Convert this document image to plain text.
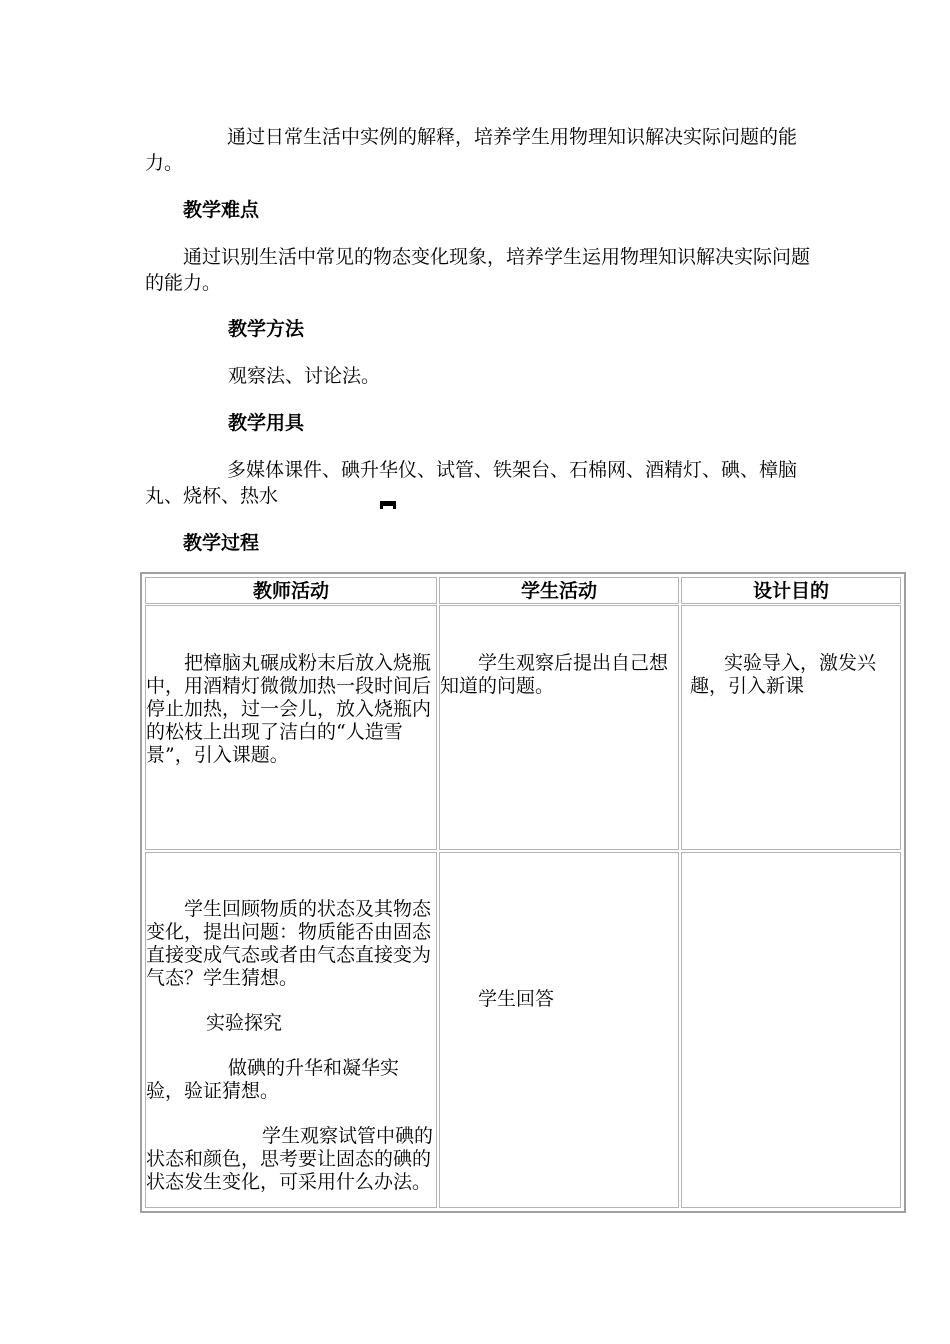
通过日常生活中实例的解释，培养学生用物理知识解决实际问题的能力。

教学难点

通过识别生活中常见的物态变化现象，培养学生运用物理知识解决实际问题的能力。

教学方法

观察法、讨论法。

教学用具

多媒体课件、碘升华仪、试管、铁架台、石棉网、酒精灯、碘、樟脑丸、烧杯、热水

教学过程

教师活动	学生活动	设计目的

把樟脑丸碾成粉末后放入烧瓶中，用酒精灯微微加热一段时间后停止加热，过一会儿，放入烧瓶内的松枝上出现了洁白的“人造雪景”，引入课题。

学生观察后提出自己想知道的问题。

实验导入，激发兴趣，引入新课

学生回顾物质的状态及其物态变化，提出问题：物质能否由固态直接变成气态或者由气态直接变为气态？学生猜想。

实验探究

做碘的升华和凝华实验，验证猜想。

学生观察试管中碘的状态和颜色，思考要让固态的碘的状态发生变化，可采用什么办法。

学生回答
